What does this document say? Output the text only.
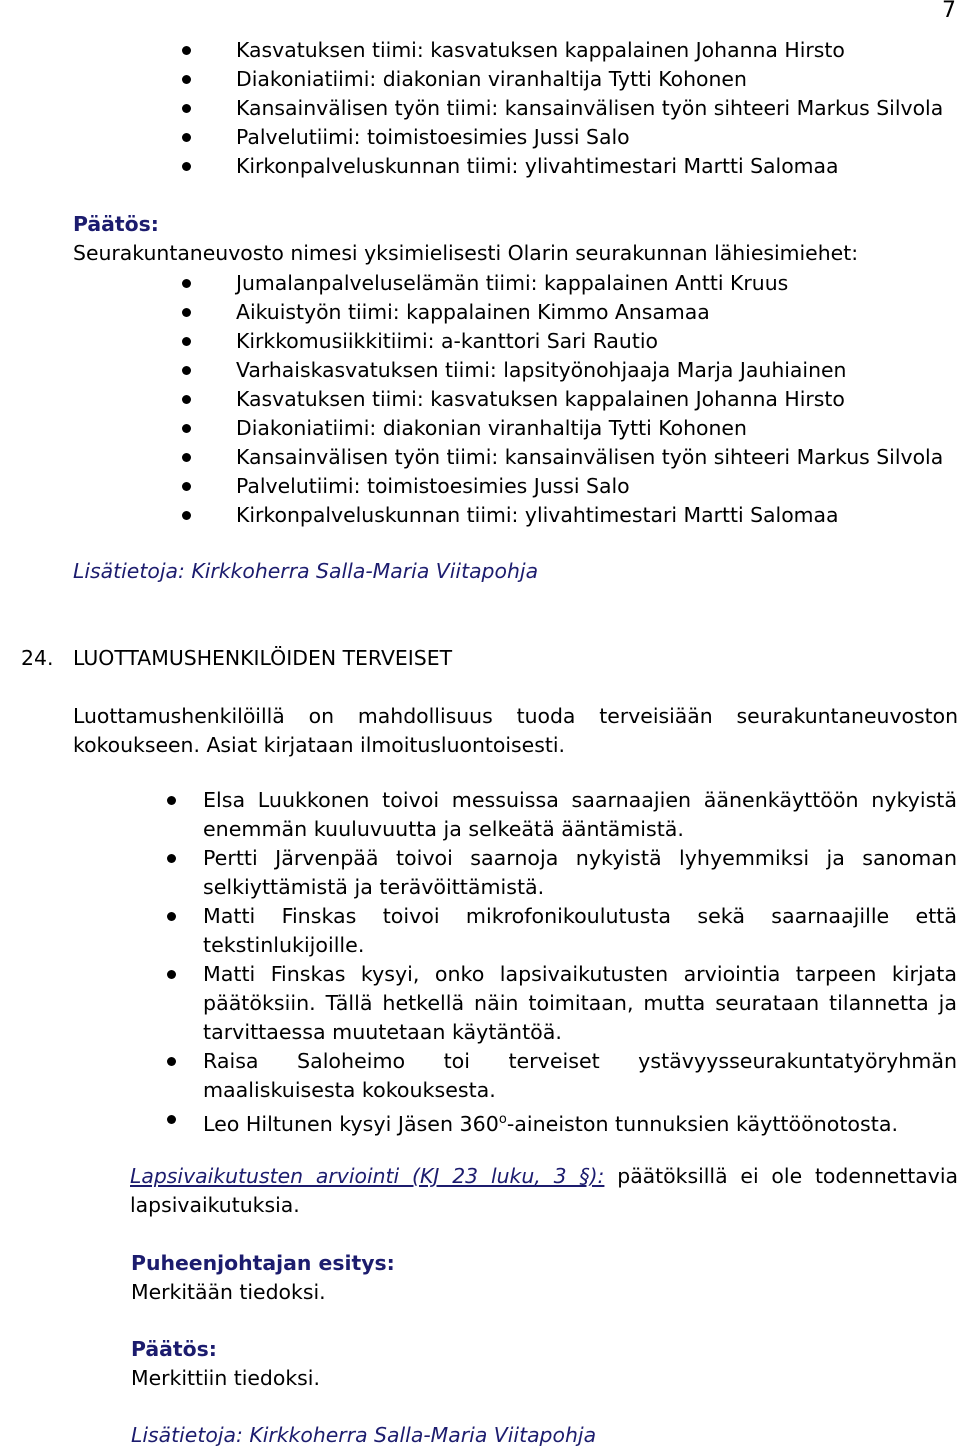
7
Kasvatuksen tiimi: kasvatuksen kappalainen Johanna Hirsto
Diakoniatiimi: diakonian viranhaltija Tytti Kohonen
Kansainvälisen työn tiimi: kansainvälisen työn sihteeri Markus Silvola
Palvelutiimi: toimistoesimies Jussi Salo
Kirkonpalveluskunnan tiimi: ylivahtimestari Martti Salomaa
Päätös:
Seurakuntaneuvosto nimesi yksimielisesti Olarin seurakunnan lähiesimiehet:
Jumalanpalveluselämän tiimi: kappalainen Antti Kruus
Aikuistyön tiimi: kappalainen Kimmo Ansamaa
Kirkkomusiikkitiimi: a-kanttori Sari Rautio
Varhaiskasvatuksen tiimi: lapsityönohjaaja Marja Jauhiainen
Kasvatuksen tiimi: kasvatuksen kappalainen Johanna Hirsto
Diakoniatiimi: diakonian viranhaltija Tytti Kohonen
Kansainvälisen työn tiimi: kansainvälisen työn sihteeri Markus Silvola
Palvelutiimi: toimistoesimies Jussi Salo
Kirkonpalveluskunnan tiimi: ylivahtimestari Martti Salomaa
Lisätietoja: Kirkkoherra Salla-Maria Viitapohja
24. LUOTTAMUSHENKILÖIDEN TERVEISET
Luottamushenkilöillä on mahdollisuus tuoda terveisiään seurakuntaneuvoston kokoukseen. Asiat kirjataan ilmoitusluontoisesti.
Elsa Luukkonen toivoi messuissa saarnaajien äänenkäyttöön nykyistä enemmän kuuluvuutta ja selkeätä ääntämistä.
Pertti Järvenpää toivoi saarnoja nykyistä lyhyemmiksi ja sanoman selkiyttämistä ja terävöittämistä.
Matti Finskas toivoi mikrofonikoulutusta sekä saarnaajille että tekstinlukijoille.
Matti Finskas kysyi, onko lapsivaikutusten arviointia tarpeen kirjata päätöksiin. Tällä hetkellä näin toimitaan, mutta seurataan tilannetta ja tarvittaessa muutetaan käytäntöä.
Raisa Saloheimo toi terveiset ystävyysseurakuntatyöryhmän maaliskuisesta kokouksesta.
Leo Hiltunen kysyi Jäsen 360$^o$-aineiston tunnuksien käyttöönotosta.
Lapsivaikutusten arviointi (KJ 23 luku, 3 §): päätöksillä ei ole todennettavia lapsivaikutuksia.
Puheenjohtajan esitys:
Merkitään tiedoksi.
Päätös:
Merkittiin tiedoksi.
Lisätietoja: Kirkkoherra Salla-Maria Viitapohja
